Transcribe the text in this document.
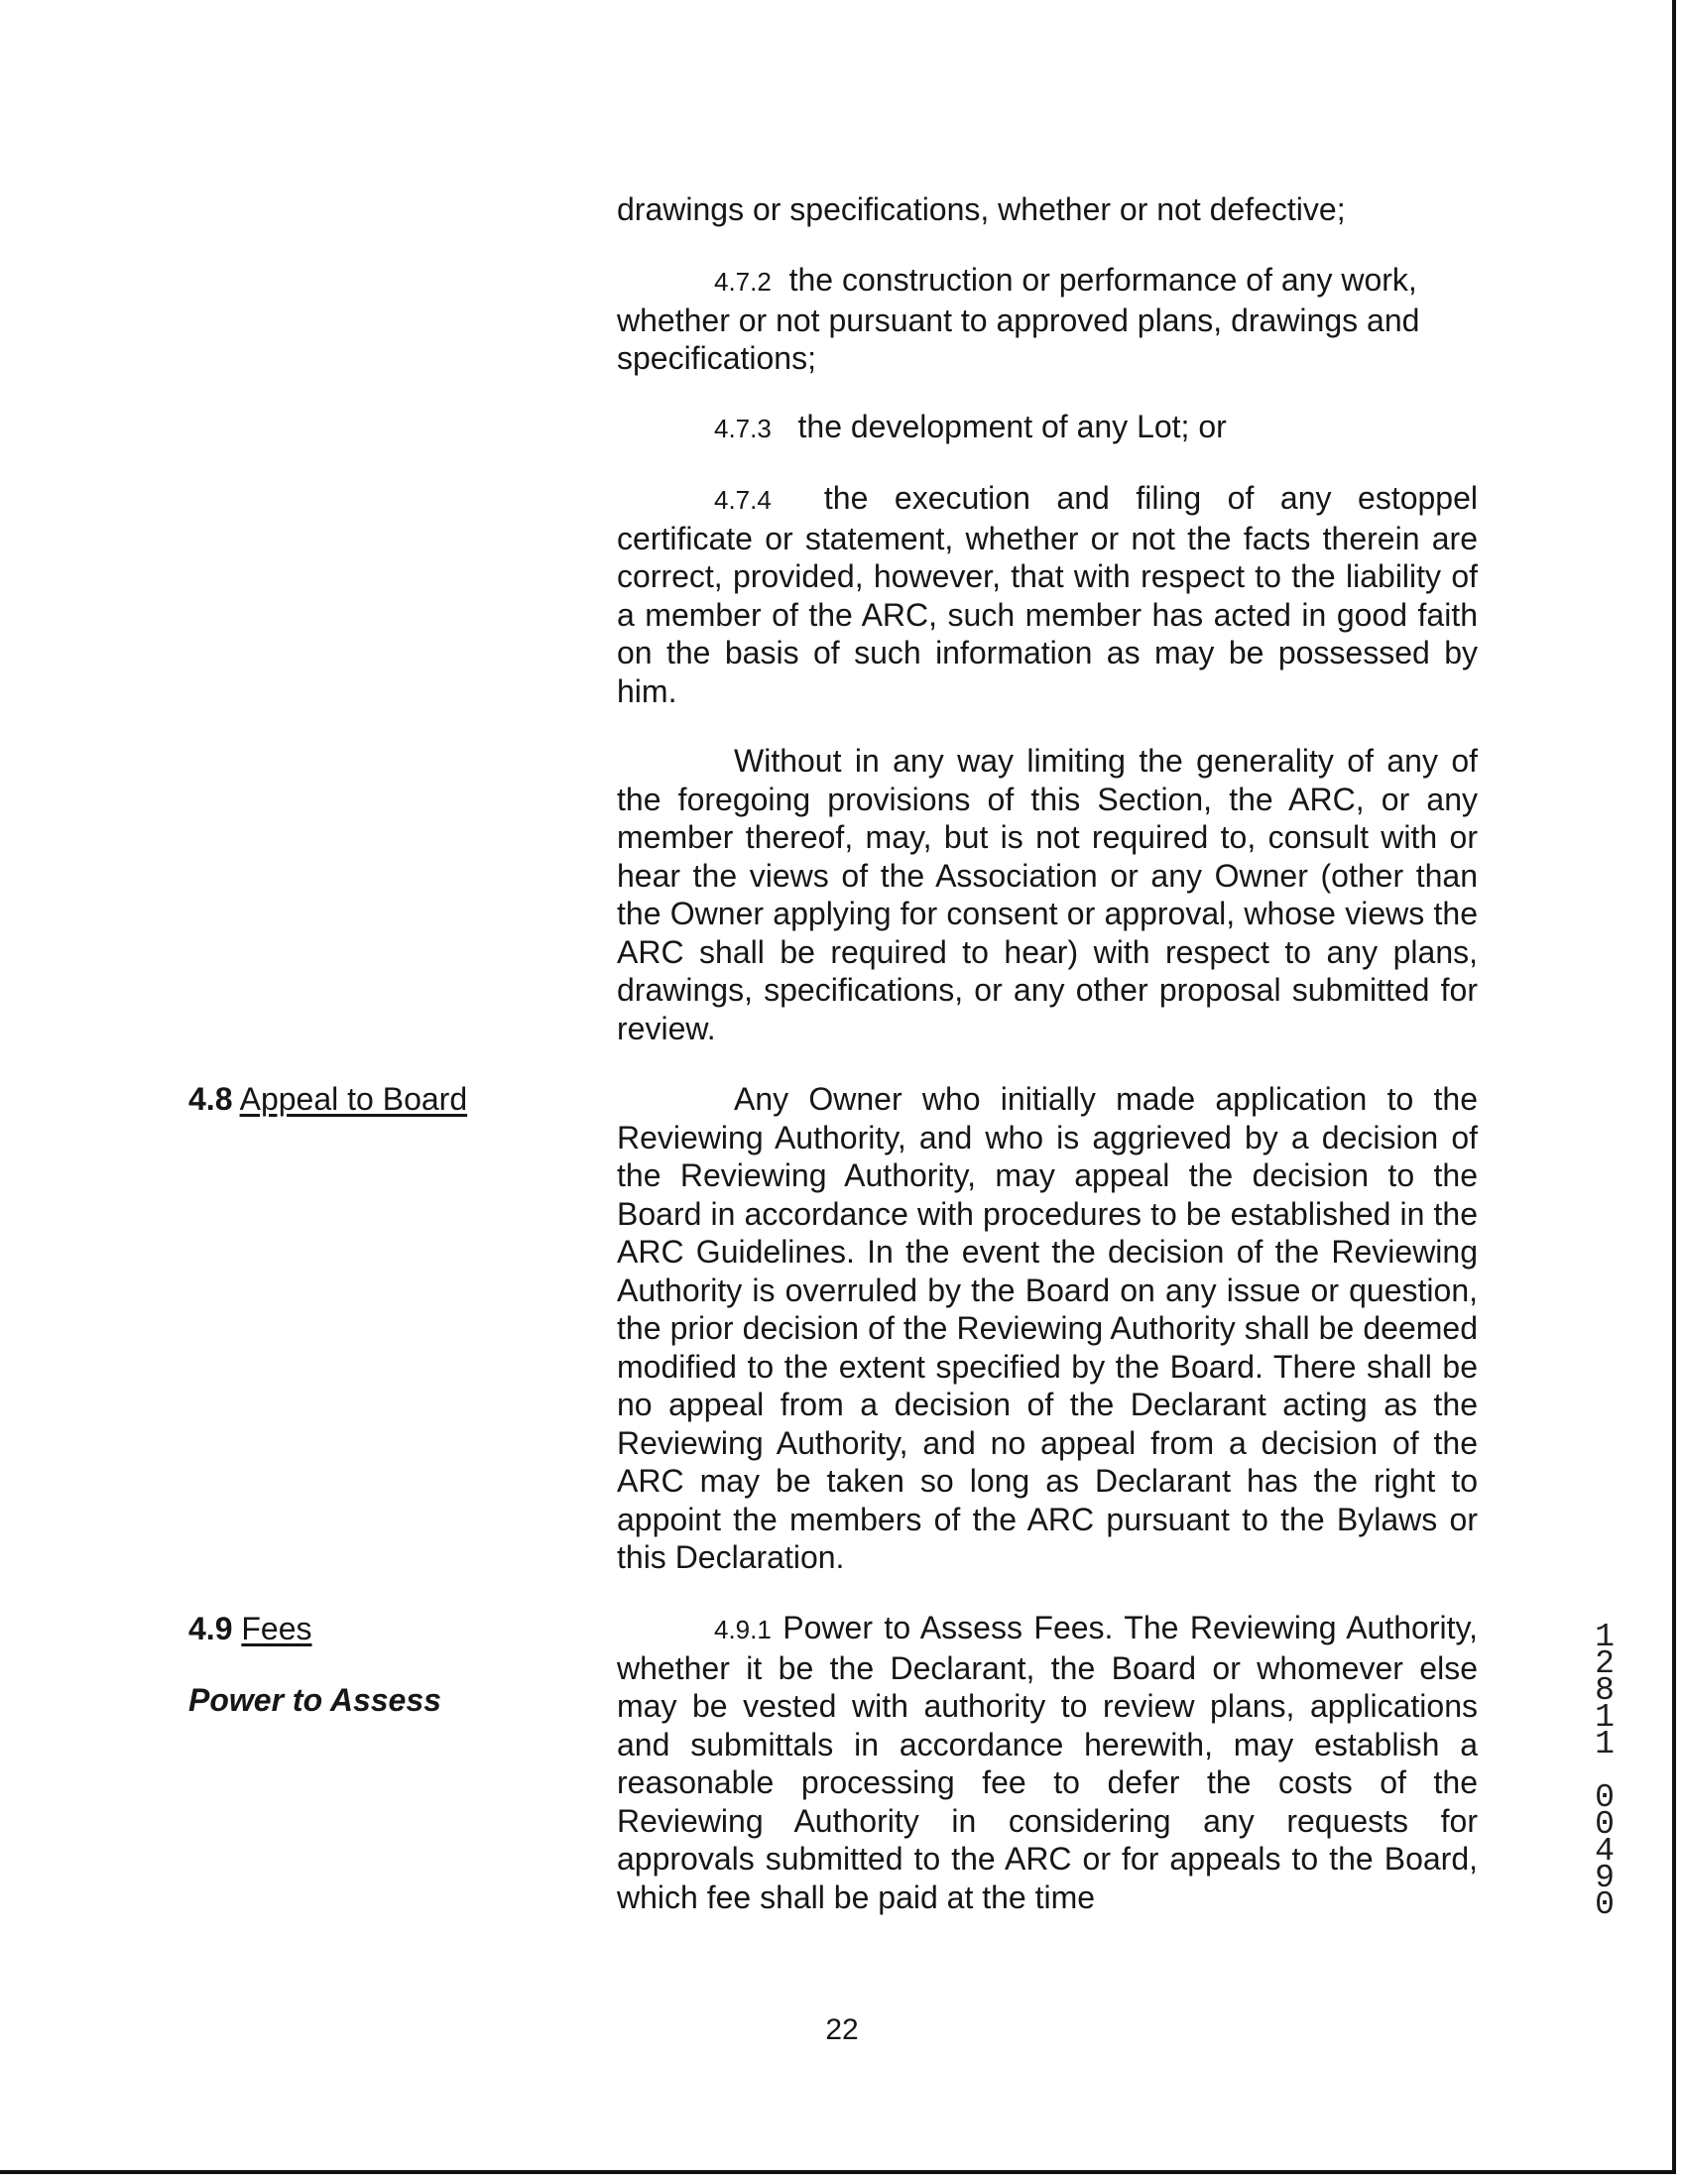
drawings or specifications, whether or not defective;

4.7.2 the construction or performance of any work, whether or not pursuant to approved plans, drawings and specifications;

4.7.3 the development of any Lot; or

4.7.4 the execution and filing of any estoppel certificate or statement, whether or not the facts therein are correct, provided, however, that with respect to the liability of a member of the ARC, such member has acted in good faith on the basis of such information as may be possessed by him.

Without in any way limiting the generality of any of the foregoing provisions of this Section, the ARC, or any member thereof, may, but is not required to, consult with or hear the views of the Association or any Owner (other than the Owner applying for consent or approval, whose views the ARC shall be required to hear) with respect to any plans, drawings, specifications, or any other proposal submitted for review.

4.8 Appeal to Board	Any Owner who initially made application to the Reviewing Authority, and who is aggrieved by a decision of the Reviewing Authority, may appeal the decision to the Board in accordance with procedures to be established in the ARC Guidelines. In the event the decision of the Reviewing Authority is overruled by the Board on any issue or question, the prior decision of the Reviewing Authority shall be deemed modified to the extent specified by the Board. There shall be no appeal from a decision of the Declarant acting as the Reviewing Authority, and no appeal from a decision of the ARC may be taken so long as Declarant has the right to appoint the members of the ARC pursuant to the Bylaws or this Declaration.

4.9 Fees
Power to Assess

4.9.1 Power to Assess Fees. The Reviewing Authority, whether it be the Declarant, the Board or whomever else may be vested with authority to review plans, applications and submittals in accordance herewith, may establish a reasonable processing fee to defer the costs of the Reviewing Authority in considering any requests for approvals submitted to the ARC or for appeals to the Board, which fee shall be paid at the time

22

1
2
8
1
1

0
0
4
9
0
